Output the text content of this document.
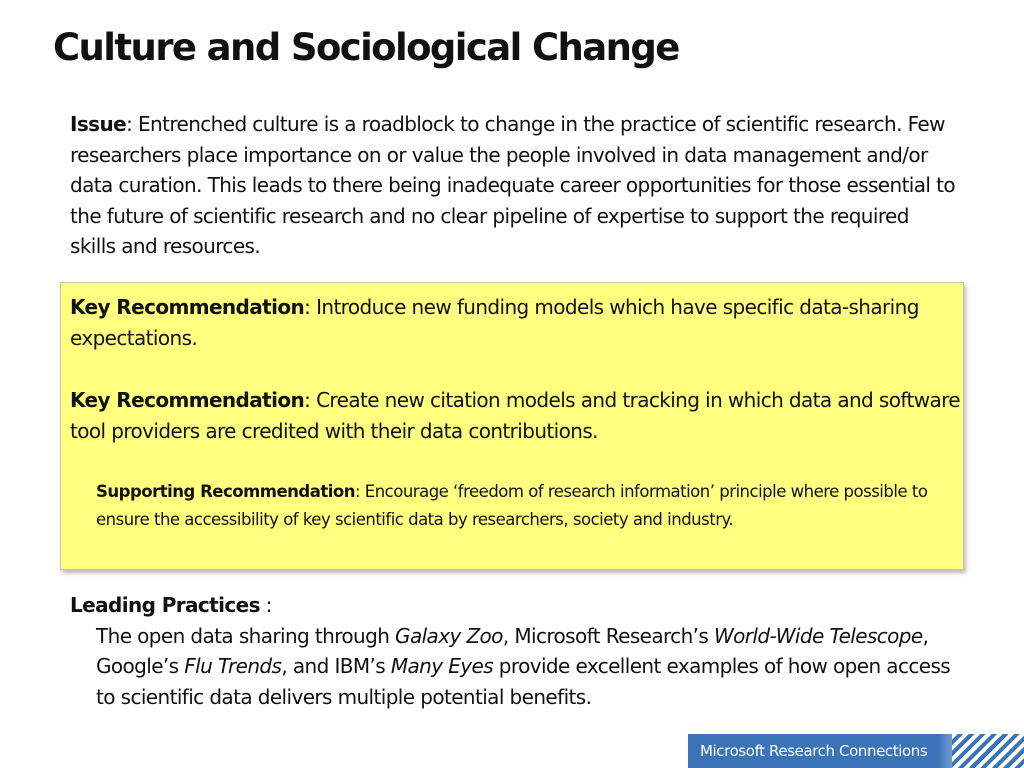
Culture and Sociological Change

Issue: Entrenched culture is a roadblock to change in the practice of scientific research. Few researchers place importance on or value the people involved in data management and/or data curation. This leads to there being inadequate career opportunities for those essential to the future of scientific research and no clear pipeline of expertise to support the required skills and resources.

Key Recommendation: Introduce new funding models which have specific data-sharing expectations.

Key Recommendation: Create new citation models and tracking in which data and software tool providers are credited with their data contributions.

Supporting Recommendation: Encourage ‘freedom of research information’ principle where possible to ensure the accessibility of key scientific data by researchers, society and industry.

Leading Practices :
The open data sharing through Galaxy Zoo, Microsoft Research’s World-Wide Telescope, Google’s Flu Trends, and IBM’s Many Eyes provide excellent examples of how open access to scientific data delivers multiple potential benefits.
Microsoft Research Connections
